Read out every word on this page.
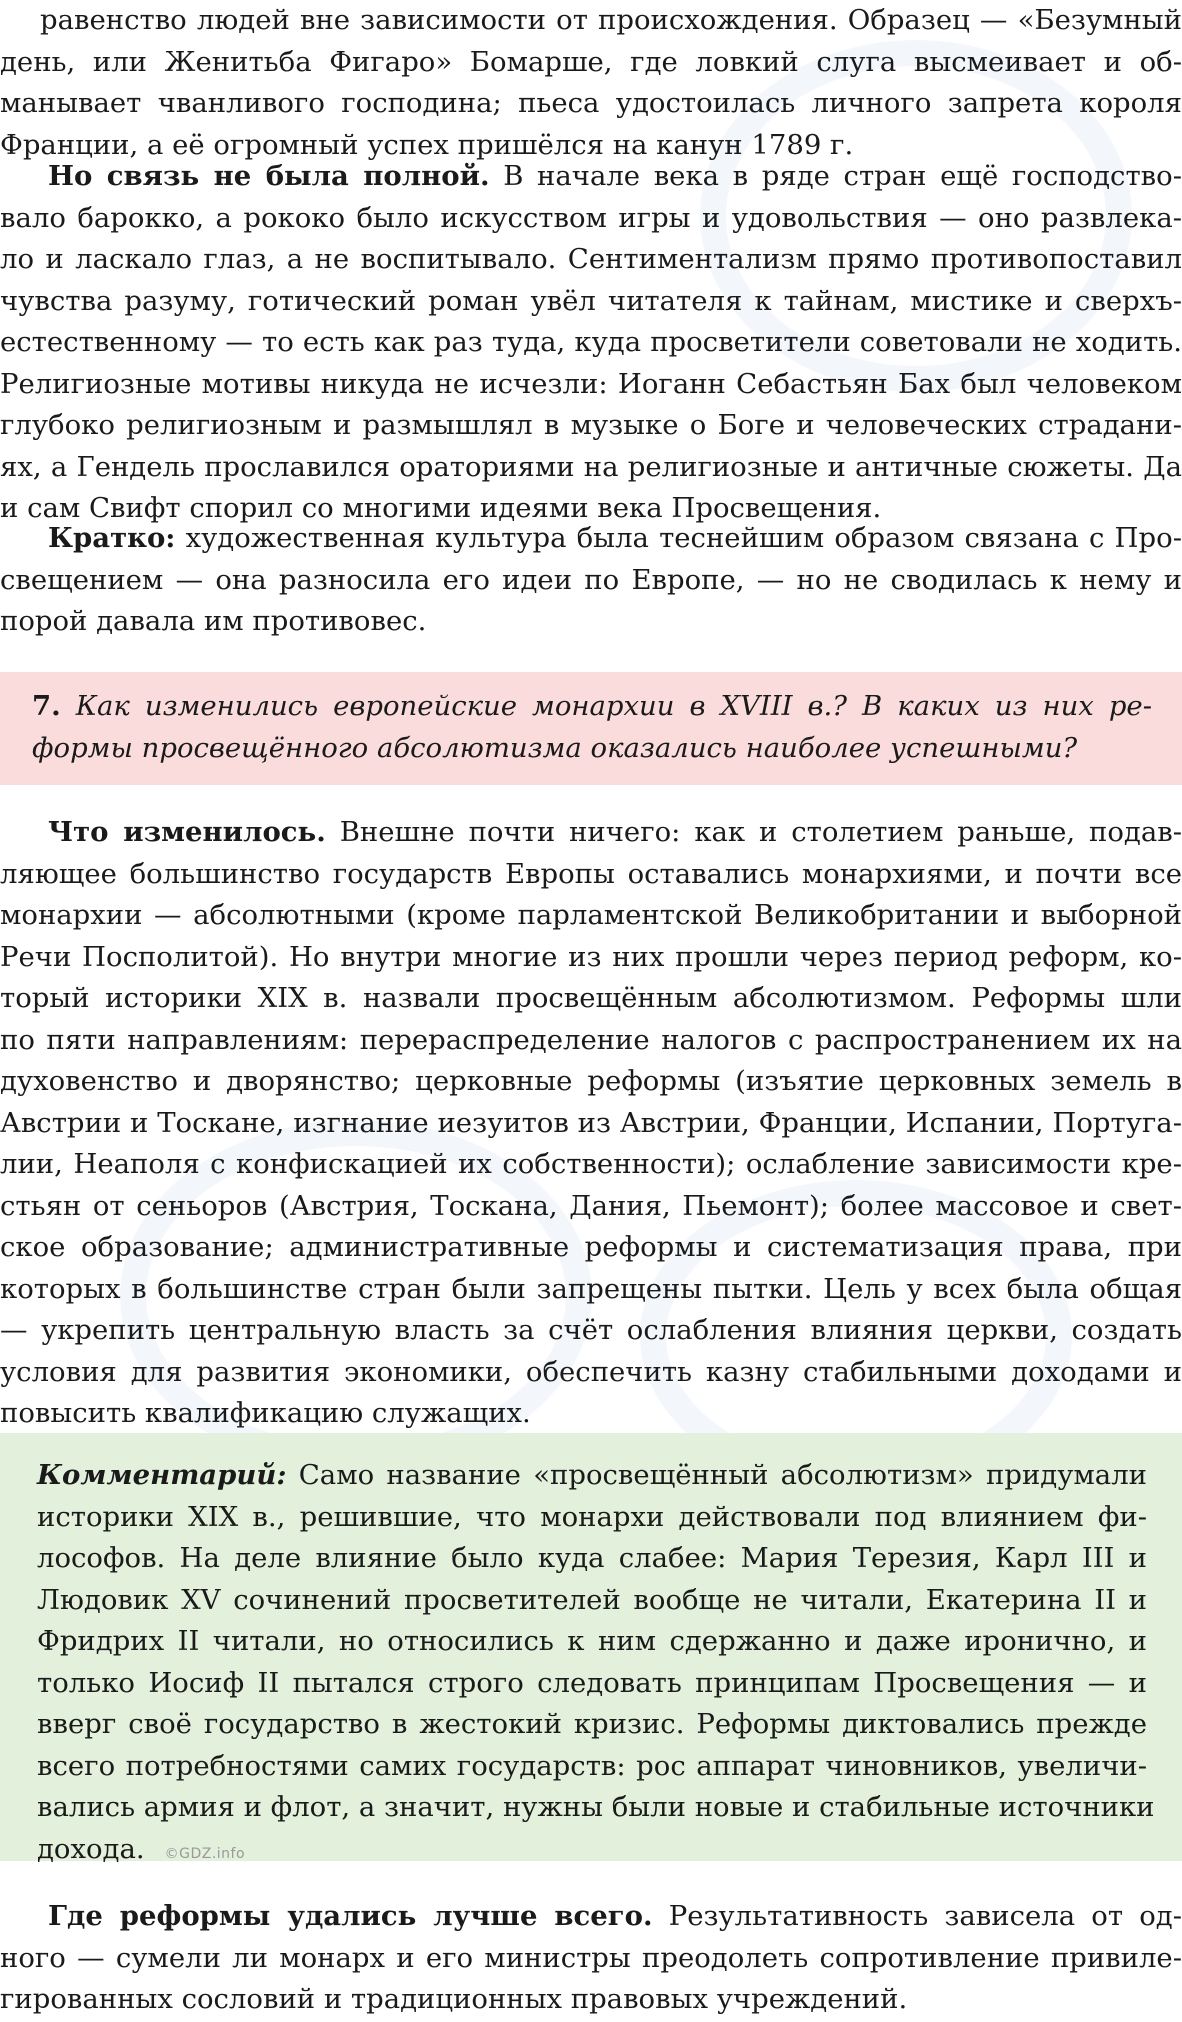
равенство людей вне зависимости от происхождения. Образец — «Безумный
день, или Женитьба Фигаро» Бомарше, где ловкий слуга высмеивает и об-
манывает чванливого господина; пьеса удостоилась личного запрета короля
Франции, а её огромный успех пришёлся на канун 1789 г.
Но связь не была полной. В начале века в ряде стран ещё господство-
вало барокко, а рококо было искусством игры и удовольствия — оно развлека-
ло и ласкало глаз, а не воспитывало. Сентиментализм прямо противопоставил
чувства разуму, готический роман увёл читателя к тайнам, мистике и сверхъ-
естественному — то есть как раз туда, куда просветители советовали не ходить.
Религиозные мотивы никуда не исчезли: Иоганн Себастьян Бах был человеком
глубоко религиозным и размышлял в музыке о Боге и человеческих страдани-
ях, а Гендель прославился ораториями на религиозные и античные сюжеты. Да
и сам Свифт спорил со многими идеями века Просвещения.
Кратко: художественная культура была теснейшим образом связана с Про-
свещением — она разносила его идеи по Европе, — но не сводилась к нему и
порой давала им противовес.
7. Как изменились европейские монархии в XVIII в.? В каких из них ре-
формы просвещённого абсолютизма оказались наиболее успешными?
Что изменилось. Внешне почти ничего: как и столетием раньше, подав-
ляющее большинство государств Европы оставались монархиями, и почти все
монархии — абсолютными (кроме парламентской Великобритании и выборной
Речи Посполитой). Но внутри многие из них прошли через период реформ, ко-
торый историки XIX в. назвали просвещённым абсолютизмом. Реформы шли
по пяти направлениям: перераспределение налогов с распространением их на
духовенство и дворянство; церковные реформы (изъятие церковных земель в
Австрии и Тоскане, изгнание иезуитов из Австрии, Франции, Испании, Португа-
лии, Неаполя с конфискацией их собственности); ослабление зависимости кре-
стьян от сеньоров (Австрия, Тоскана, Дания, Пьемонт); более массовое и свет-
ское образование; административные реформы и систематизация права, при
которых в большинстве стран были запрещены пытки. Цель у всех была общая
— укрепить центральную власть за счёт ослабления влияния церкви, создать
условия для развития экономики, обеспечить казну стабильными доходами и
повысить квалификацию служащих.
Комментарий: Само название «просвещённый абсолютизм» придумали
историки XIX в., решившие, что монархи действовали под влиянием фи-
лософов. На деле влияние было куда слабее: Мария Терезия, Карл III и
Людовик XV сочинений просветителей вообще не читали, Екатерина II и
Фридрих II читали, но относились к ним сдержанно и даже иронично, и
только Иосиф II пытался строго следовать принципам Просвещения — и
вверг своё государство в жестокий кризис. Реформы диктовались прежде
всего потребностями самих государств: рос аппарат чиновников, увеличи-
вались армия и флот, а значит, нужны были новые и стабильные источники
дохода. ©GDZ.info
Где реформы удались лучше всего. Результативность зависела от од-
ного — сумели ли монарх и его министры преодолеть сопротивление привиле-
гированных сословий и традиционных правовых учреждений.
